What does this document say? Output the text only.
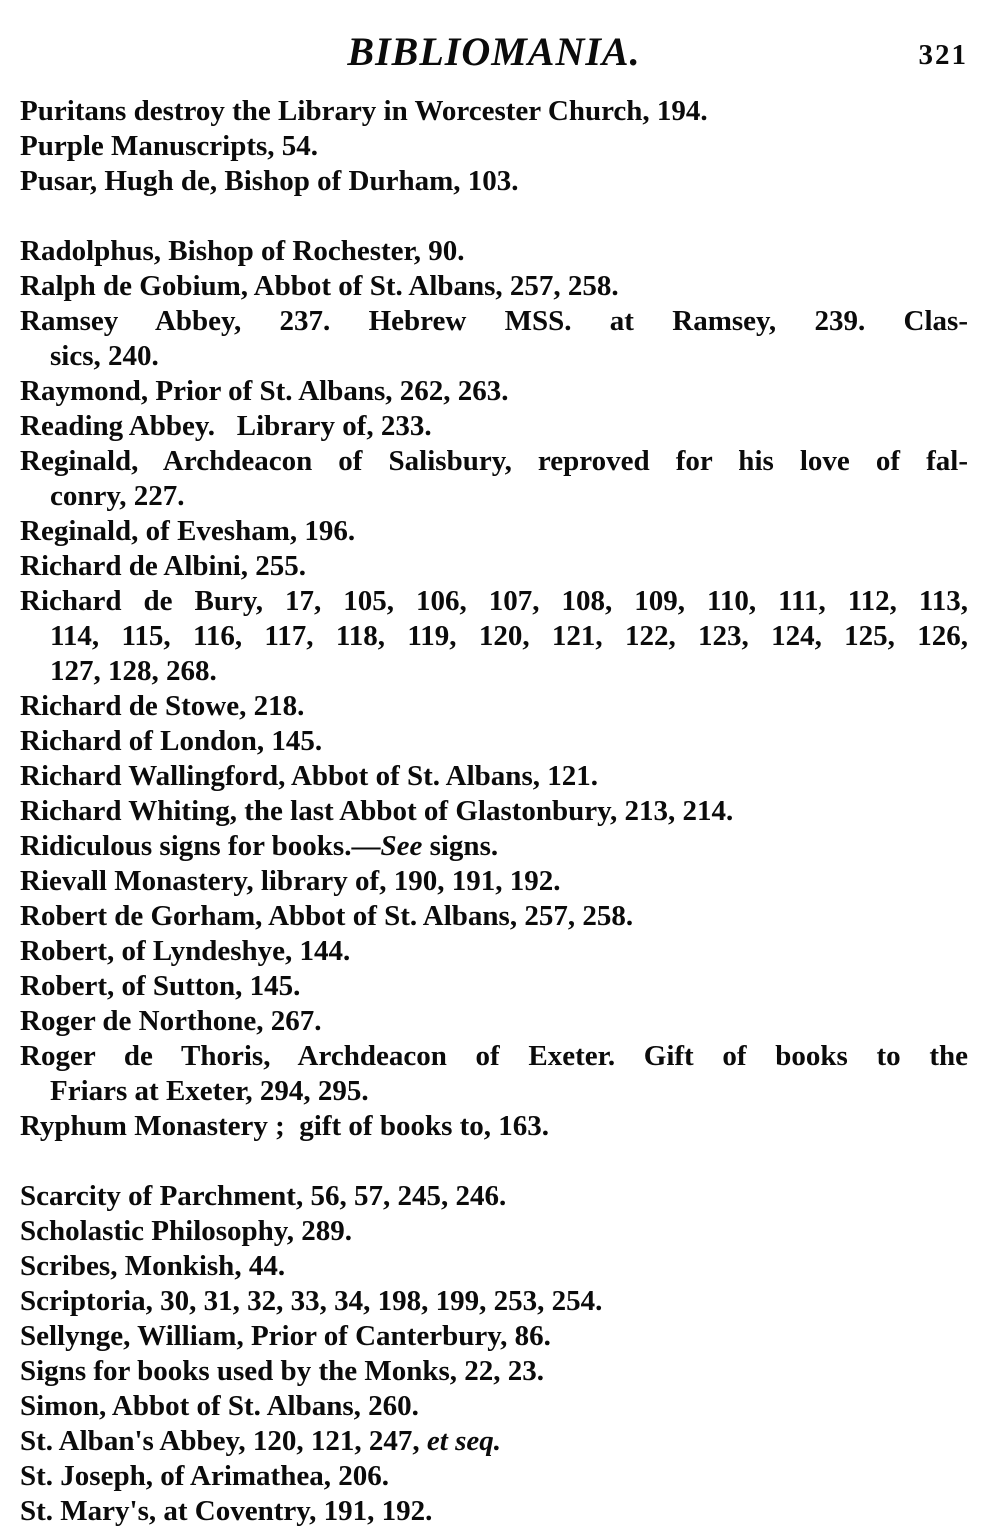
BIBLIOMANIA.	321
Puritans destroy the Library in Worcester Church, 194.
Purple Manuscripts, 54.
Pusar, Hugh de, Bishop of Durham, 103.
Radolphus, Bishop of Rochester, 90.
Ralph de Gobium, Abbot of St. Albans, 257, 258.
Ramsey Abbey, 237. Hebrew MSS. at Ramsey, 239. Clas-
sics, 240.
Raymond, Prior of St. Albans, 262, 263.
Reading Abbey.   Library of, 233.
Reginald, Archdeacon of Salisbury, reproved for his love of fal-
conry, 227.
Reginald, of Evesham, 196.
Richard de Albini, 255.
Richard de Bury, 17, 105, 106, 107, 108, 109, 110, 111, 112, 113,
114, 115, 116, 117, 118, 119, 120, 121, 122, 123, 124, 125, 126,
127, 128, 268.
Richard de Stowe, 218.
Richard of London, 145.
Richard Wallingford, Abbot of St. Albans, 121.
Richard Whiting, the last Abbot of Glastonbury, 213, 214.
Ridiculous signs for books.—See signs.
Rievall Monastery, library of, 190, 191, 192.
Robert de Gorham, Abbot of St. Albans, 257, 258.
Robert, of Lyndeshye, 144.
Robert, of Sutton, 145.
Roger de Northone, 267.
Roger de Thoris, Archdeacon of Exeter. Gift of books to the
Friars at Exeter, 294, 295.
Ryphum Monastery ;  gift of books to, 163.
Scarcity of Parchment, 56, 57, 245, 246.
Scholastic Philosophy, 289.
Scribes, Monkish, 44.
Scriptoria, 30, 31, 32, 33, 34, 198, 199, 253, 254.
Sellynge, William, Prior of Canterbury, 86.
Signs for books used by the Monks, 22, 23.
Simon, Abbot of St. Albans, 260.
St. Alban's Abbey, 120, 121, 247, et seq.
St. Joseph, of Arimathea, 206.
St. Mary's, at Coventry, 191, 192.
